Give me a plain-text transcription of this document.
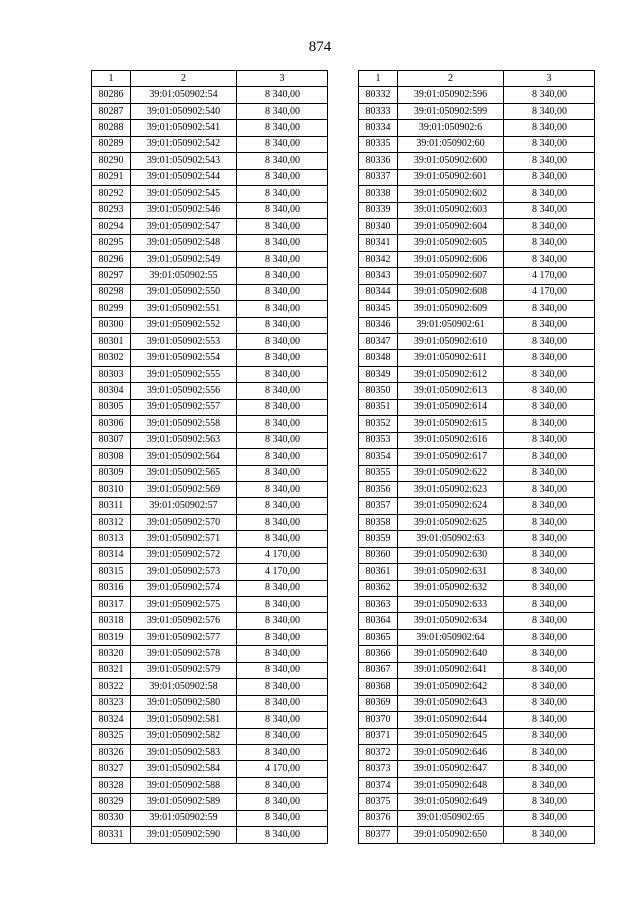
874
1	2	3
80286	39:01:050902:54	8 340,00
80287	39:01:050902:540	8 340,00
80288	39:01:050902:541	8 340,00
80289	39:01:050902:542	8 340,00
80290	39:01:050902:543	8 340,00
80291	39:01:050902:544	8 340,00
80292	39:01:050902:545	8 340,00
80293	39:01:050902:546	8 340,00
80294	39:01:050902:547	8 340,00
80295	39:01:050902:548	8 340,00
80296	39:01:050902:549	8 340,00
80297	39:01:050902:55	8 340,00
80298	39:01:050902:550	8 340,00
80299	39:01:050902:551	8 340,00
80300	39:01:050902:552	8 340,00
80301	39:01:050902:553	8 340,00
80302	39:01:050902:554	8 340,00
80303	39:01:050902:555	8 340,00
80304	39:01:050902:556	8 340,00
80305	39:01:050902:557	8 340,00
80306	39:01:050902:558	8 340,00
80307	39:01:050902:563	8 340,00
80308	39:01:050902:564	8 340,00
80309	39:01:050902:565	8 340,00
80310	39:01:050902:569	8 340,00
80311	39:01:050902:57	8 340,00
80312	39:01:050902:570	8 340,00
80313	39:01:050902:571	8 340,00
80314	39:01:050902:572	4 170,00
80315	39:01:050902:573	4 170,00
80316	39:01:050902:574	8 340,00
80317	39:01:050902:575	8 340,00
80318	39:01:050902:576	8 340,00
80319	39:01:050902:577	8 340,00
80320	39:01:050902:578	8 340,00
80321	39:01:050902:579	8 340,00
80322	39:01:050902:58	8 340,00
80323	39:01:050902:580	8 340,00
80324	39:01:050902:581	8 340,00
80325	39:01:050902:582	8 340,00
80326	39:01:050902:583	8 340,00
80327	39:01:050902:584	4 170,00
80328	39:01:050902:588	8 340,00
80329	39:01:050902:589	8 340,00
80330	39:01:050902:59	8 340,00
80331	39:01:050902:590	8 340,00
1	2	3
80332	39:01:050902:596	8 340,00
80333	39:01:050902:599	8 340,00
80334	39:01:050902:6	8 340,00
80335	39:01:050902:60	8 340,00
80336	39:01:050902:600	8 340,00
80337	39:01:050902:601	8 340,00
80338	39:01:050902:602	8 340,00
80339	39:01:050902:603	8 340,00
80340	39:01:050902:604	8 340,00
80341	39:01:050902:605	8 340,00
80342	39:01:050902:606	8 340,00
80343	39:01:050902:607	4 170,00
80344	39:01:050902:608	4 170,00
80345	39:01:050902:609	8 340,00
80346	39:01:050902:61	8 340,00
80347	39:01:050902:610	8 340,00
80348	39:01:050902:611	8 340,00
80349	39:01:050902:612	8 340,00
80350	39:01:050902:613	8 340,00
80351	39:01:050902:614	8 340,00
80352	39:01:050902:615	8 340,00
80353	39:01:050902:616	8 340,00
80354	39:01:050902:617	8 340,00
80355	39:01:050902:622	8 340,00
80356	39:01:050902:623	8 340,00
80357	39:01:050902:624	8 340,00
80358	39:01:050902:625	8 340,00
80359	39:01:050902:63	8 340,00
80360	39:01:050902:630	8 340,00
80361	39:01:050902:631	8 340,00
80362	39:01:050902:632	8 340,00
80363	39:01:050902:633	8 340,00
80364	39:01:050902:634	8 340,00
80365	39:01:050902:64	8 340,00
80366	39:01:050902:640	8 340,00
80367	39:01:050902:641	8 340,00
80368	39:01:050902:642	8 340,00
80369	39:01:050902:643	8 340,00
80370	39:01:050902:644	8 340,00
80371	39:01:050902:645	8 340,00
80372	39:01:050902:646	8 340,00
80373	39:01:050902:647	8 340,00
80374	39:01:050902:648	8 340,00
80375	39:01:050902:649	8 340,00
80376	39:01:050902:65	8 340,00
80377	39:01:050902:650	8 340,00
